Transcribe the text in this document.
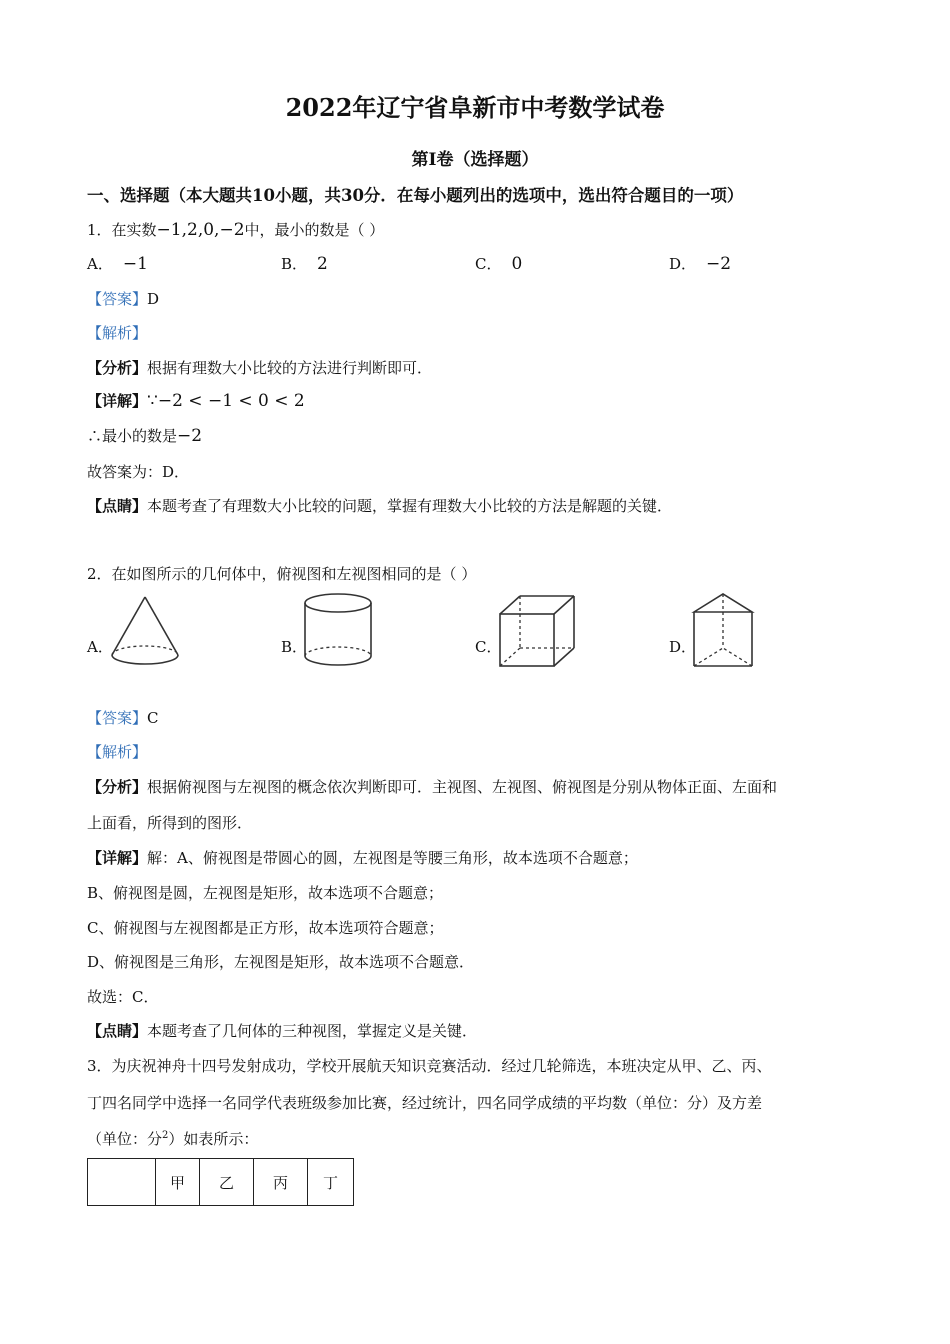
2022年辽宁省阜新市中考数学试卷
第I卷（选择题）
一、选择题（本大题共10小题，共30分．在每小题列出的选项中，选出符合题目的一项）
1．在实数−1,2,0,−2中，最小的数是（ ）
A． −1	B． 2	C． 0	D． −2
【答案】D
【解析】
【分析】根据有理数大小比较的方法进行判断即可．
【详解】∵−2 < −1 < 0 < 2
∴最小的数是−2
故答案为：D．
【点睛】本题考查了有理数大小比较的问题，掌握有理数大小比较的方法是解题的关键．
2．在如图所示的几何体中，俯视图和左视图相同的是（ ）
A．	B．	C．	D．
【答案】C
【解析】
【分析】根据俯视图与左视图的概念依次判断即可．主视图、左视图、俯视图是分别从物体正面、左面和
上面看，所得到的图形．
【详解】解：A、俯视图是带圆心的圆，左视图是等腰三角形，故本选项不合题意；
B、俯视图是圆，左视图是矩形，故本选项不合题意；
C、俯视图与左视图都是正方形，故本选项符合题意；
D、俯视图是三角形，左视图是矩形，故本选项不合题意．
故选：C．
【点睛】本题考查了几何体的三种视图，掌握定义是关键．
3．为庆祝神舟十四号发射成功，学校开展航天知识竞赛活动．经过几轮筛选，本班决定从甲、乙、丙、
丁四名同学中选择一名同学代表班级参加比赛，经过统计，四名同学成绩的平均数（单位：分）及方差
（单位：分$^2$）如表所示：
	甲	乙	丙	丁
